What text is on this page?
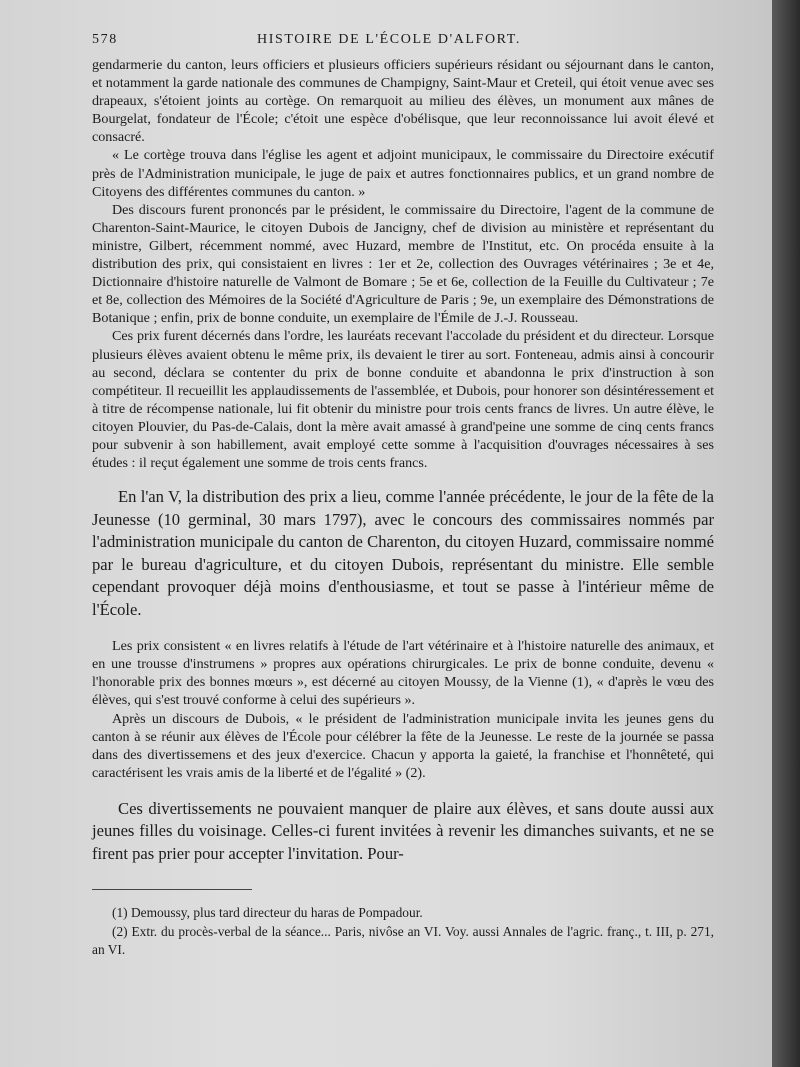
578	HISTOIRE DE L'ÉCOLE D'ALFORT.

gendarmerie du canton, leurs officiers et plusieurs officiers supérieurs résidant ou séjournant dans le canton, et notamment la garde nationale des communes de Champigny, Saint-Maur et Creteil, qui étoit venue avec ses drapeaux, s'étoient joints au cortège. On remarquoit au milieu des élèves, un monument aux mânes de Bourgelat, fondateur de l'École; c'étoit une espèce d'obélisque, que leur reconnoissance lui avoit élevé et consacré.

« Le cortège trouva dans l'église les agent et adjoint municipaux, le commissaire du Directoire exécutif près de l'Administration municipale, le juge de paix et autres fonctionnaires publics, et un grand nombre de Citoyens des différentes communes du canton. »

Des discours furent prononcés par le président, le commissaire du Directoire, l'agent de la commune de Charenton-Saint-Maurice, le citoyen Dubois de Jancigny, chef de division au ministère et représentant du ministre, Gilbert, récemment nommé, avec Huzard, membre de l'Institut, etc. On procéda ensuite à la distribution des prix, qui consistaient en livres : 1er et 2e, collection des Ouvrages vétérinaires ; 3e et 4e, Dictionnaire d'histoire naturelle de Valmont de Bomare ; 5e et 6e, collection de la Feuille du Cultivateur ; 7e et 8e, collection des Mémoires de la Société d'Agriculture de Paris ; 9e, un exemplaire des Démonstrations de Botanique ; enfin, prix de bonne conduite, un exemplaire de l'Émile de J.-J. Rousseau.

Ces prix furent décernés dans l'ordre, les lauréats recevant l'accolade du président et du directeur. Lorsque plusieurs élèves avaient obtenu le même prix, ils devaient le tirer au sort. Fonteneau, admis ainsi à concourir au second, déclara se contenter du prix de bonne conduite et abandonna le prix d'instruction à son compétiteur. Il recueillit les applaudissements de l'assemblée, et Dubois, pour honorer son désintéressement et à titre de récompense nationale, lui fit obtenir du ministre pour trois cents francs de livres. Un autre élève, le citoyen Plouvier, du Pas-de-Calais, dont la mère avait amassé à grand'peine une somme de cinq cents francs pour subvenir à son habillement, avait employé cette somme à l'acquisition d'ouvrages nécessaires à ses études : il reçut également une somme de trois cents francs.

En l'an V, la distribution des prix a lieu, comme l'année précédente, le jour de la fête de la Jeunesse (10 germinal, 30 mars 1797), avec le concours des commissaires nommés par l'administration municipale du canton de Charenton, du citoyen Huzard, commissaire nommé par le bureau d'agriculture, et du citoyen Dubois, représentant du ministre. Elle semble cependant provoquer déjà moins d'enthousiasme, et tout se passe à l'intérieur même de l'École.

Les prix consistent « en livres relatifs à l'étude de l'art vétérinaire et à l'histoire naturelle des animaux, et en une trousse d'instrumens » propres aux opérations chirurgicales. Le prix de bonne conduite, devenu « l'honorable prix des bonnes mœurs », est décerné au citoyen Moussy, de la Vienne (1), « d'après le vœu des élèves, qui s'est trouvé conforme à celui des supérieurs ».

Après un discours de Dubois, « le président de l'administration municipale invita les jeunes gens du canton à se réunir aux élèves de l'École pour célébrer la fête de la Jeunesse. Le reste de la journée se passa dans des divertissemens et des jeux d'exercice. Chacun y apporta la gaieté, la franchise et l'honnêteté, qui caractérisent les vrais amis de la liberté et de l'égalité » (2).

Ces divertissements ne pouvaient manquer de plaire aux élèves, et sans doute aussi aux jeunes filles du voisinage. Celles-ci furent invitées à revenir les dimanches suivants, et ne se firent pas prier pour accepter l'invitation. Pour-

(1) Demoussy, plus tard directeur du haras de Pompadour.

(2) Extr. du procès-verbal de la séance... Paris, nivôse an VI. Voy. aussi Annales de l'agric. franç., t. III, p. 271, an VI.
